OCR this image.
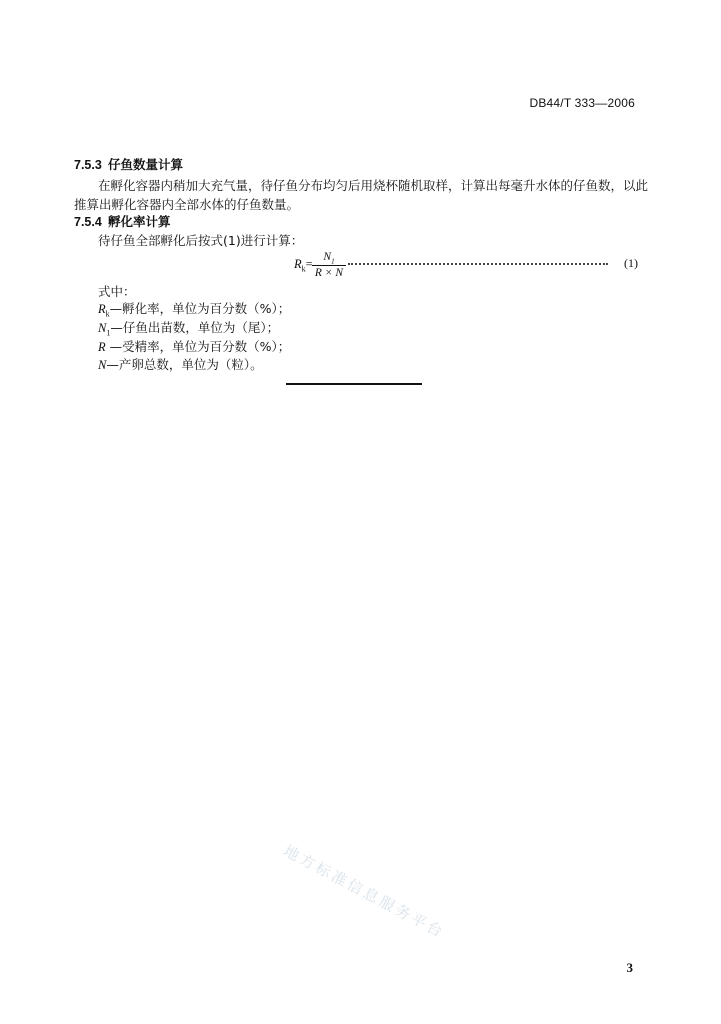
DB44/T 333—2006
7.5.3 仔鱼数量计算
在孵化容器内稍加大充气量，待仔鱼分布均匀后用烧杯随机取样，计算出每毫升水体的仔鱼数，以此
推算出孵化容器内全部水体的仔鱼数量。
7.5.4 孵化率计算
待仔鱼全部孵化后按式(1)进行计算：
$R_k= N_1$
R × N
(1)
式中：
$R_k—$孵化率，单位为百分数（%）；
$N_1—$仔鱼出苗数，单位为（尾）；
R —受精率，单位为百分数（%）；
N—产卵总数，单位为（粒）。
地方标准信息服务平台
3
